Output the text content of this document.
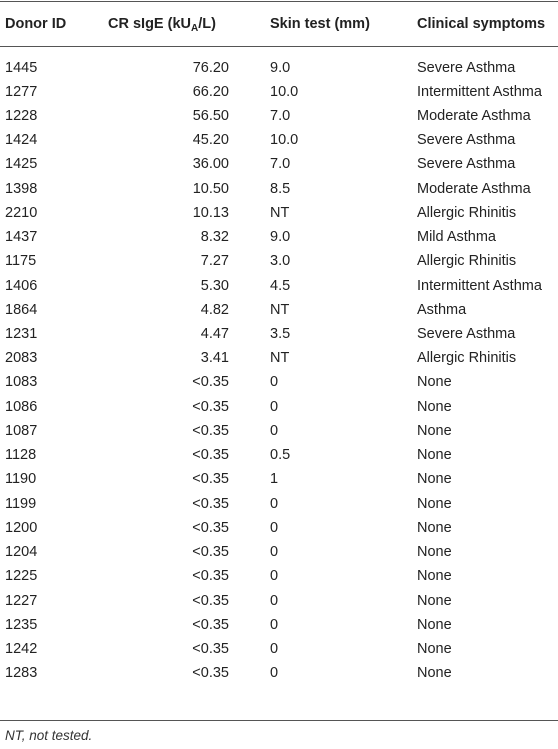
Donor ID	CR sIgE $(kU_A/L)$	Skin test (mm)	Clinical symptoms
1445	76.20	9.0	Severe Asthma
1277	66.20	10.0	Intermittent Asthma
1228	56.50	7.0	Moderate Asthma
1424	45.20	10.0	Severe Asthma
1425	36.00	7.0	Severe Asthma
1398	10.50	8.5	Moderate Asthma
2210	10.13	NT	Allergic Rhinitis
1437	8.32	9.0	Mild Asthma
1175	7.27	3.0	Allergic Rhinitis
1406	5.30	4.5	Intermittent Asthma
1864	4.82	NT	Asthma
1231	4.47	3.5	Severe Asthma
2083	3.41	NT	Allergic Rhinitis
1083	<0.35	0	None
1086	<0.35	0	None
1087	<0.35	0	None
1128	<0.35	0.5	None
1190	<0.35	1	None
1199	<0.35	0	None
1200	<0.35	0	None
1204	<0.35	0	None
1225	<0.35	0	None
1227	<0.35	0	None
1235	<0.35	0	None
1242	<0.35	0	None
1283	<0.35	0	None
NT, not tested.
